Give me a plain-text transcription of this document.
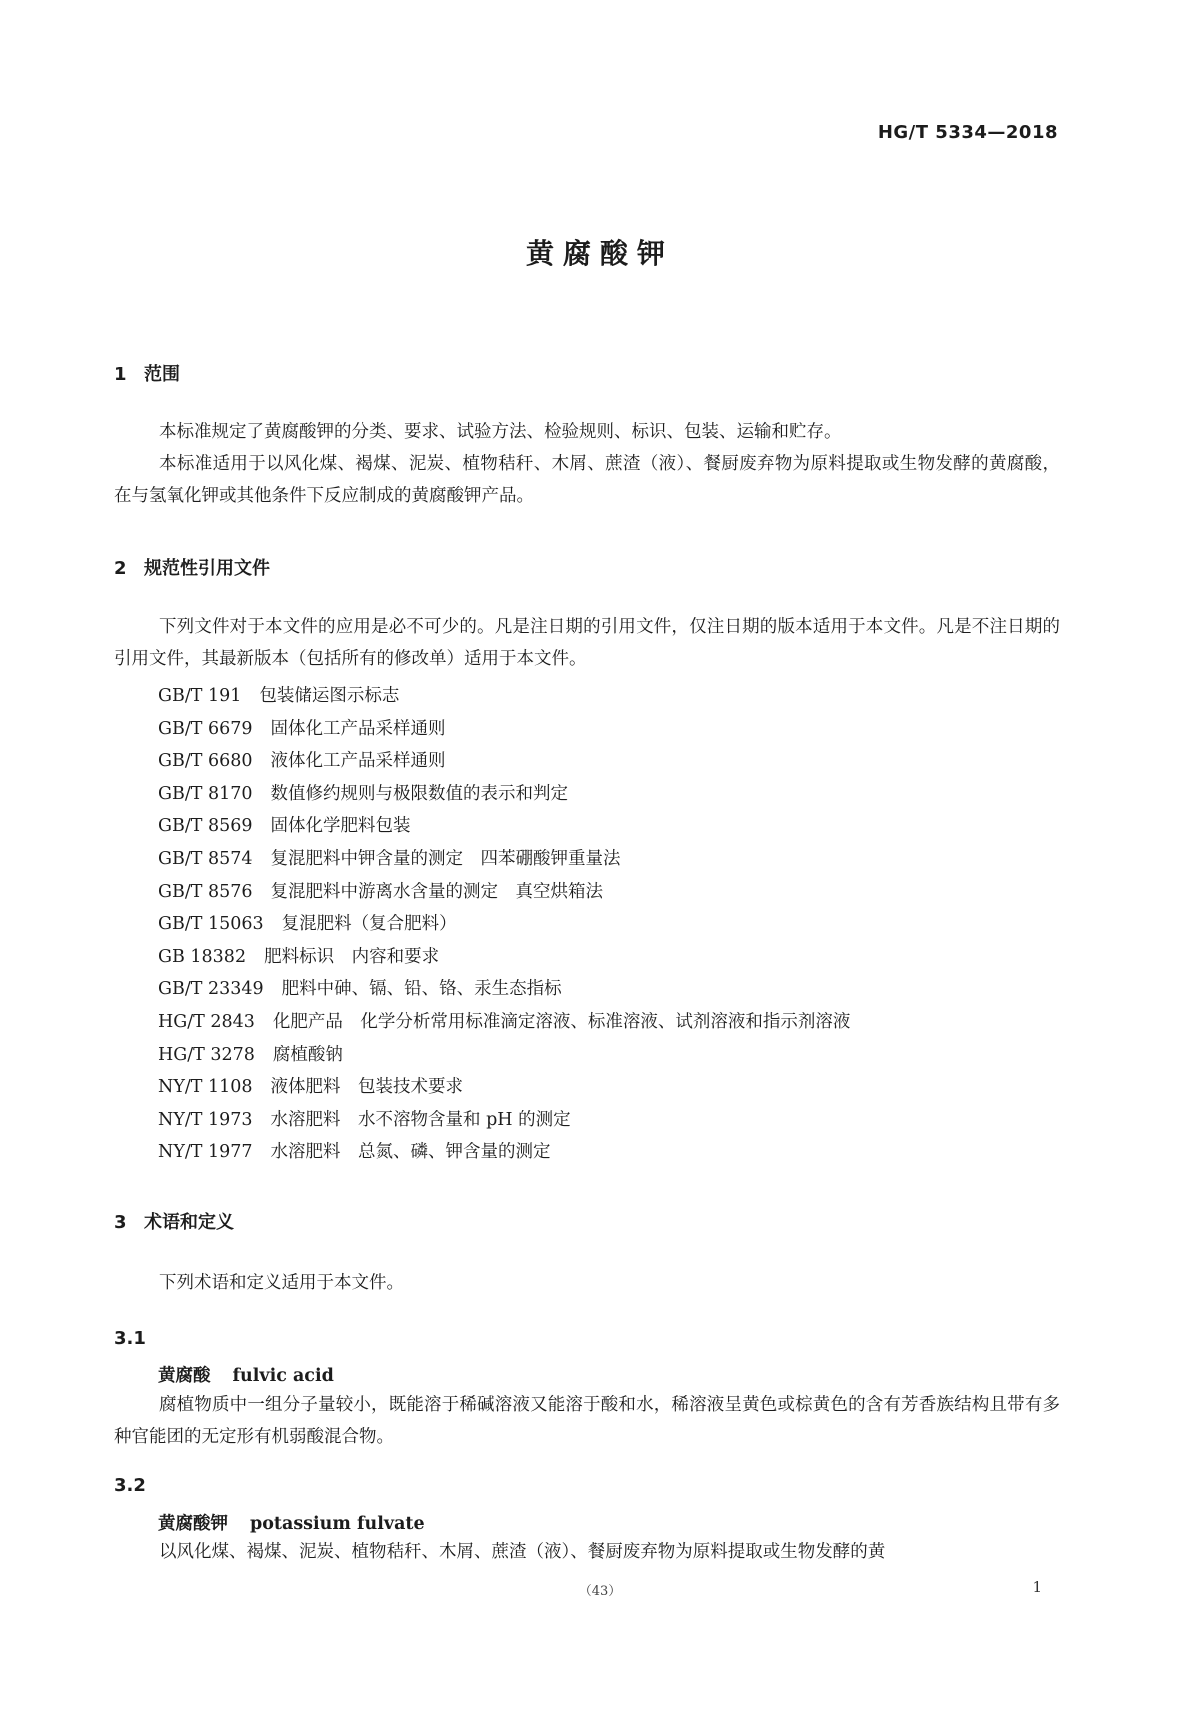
HG/T 5334—2018
黄腐酸钾
1 范围
本标准规定了黄腐酸钾的分类、要求、试验方法、检验规则、标识、包装、运输和贮存。
本标准适用于以风化煤、褐煤、泥炭、植物秸秆、木屑、蔗渣（液）、餐厨废弃物为原料提取或生物发酵的黄腐酸，在与氢氧化钾或其他条件下反应制成的黄腐酸钾产品。
2 规范性引用文件
下列文件对于本文件的应用是必不可少的。凡是注日期的引用文件，仅注日期的版本适用于本文件。凡是不注日期的引用文件，其最新版本（包括所有的修改单）适用于本文件。
GB/T 191 包装储运图示标志
GB/T 6679 固体化工产品采样通则
GB/T 6680 液体化工产品采样通则
GB/T 8170 数值修约规则与极限数值的表示和判定
GB/T 8569 固体化学肥料包装
GB/T 8574 复混肥料中钾含量的测定　四苯硼酸钾重量法
GB/T 8576 复混肥料中游离水含量的测定　真空烘箱法
GB/T 15063 复混肥料（复合肥料）
GB 18382 肥料标识　内容和要求
GB/T 23349 肥料中砷、镉、铅、铬、汞生态指标
HG/T 2843 化肥产品　化学分析常用标准滴定溶液、标准溶液、试剂溶液和指示剂溶液
HG/T 3278 腐植酸钠
NY/T 1108 液体肥料　包装技术要求
NY/T 1973 水溶肥料　水不溶物含量和 pH 的测定
NY/T 1977 水溶肥料　总氮、磷、钾含量的测定
3 术语和定义
下列术语和定义适用于本文件。
3.1
黄腐酸 fulvic acid
腐植物质中一组分子量较小，既能溶于稀碱溶液又能溶于酸和水，稀溶液呈黄色或棕黄色的含有芳香族结构且带有多种官能团的无定形有机弱酸混合物。
3.2
黄腐酸钾 potassium fulvate
以风化煤、褐煤、泥炭、植物秸秆、木屑、蔗渣（液）、餐厨废弃物为原料提取或生物发酵的黄
（43）	1
